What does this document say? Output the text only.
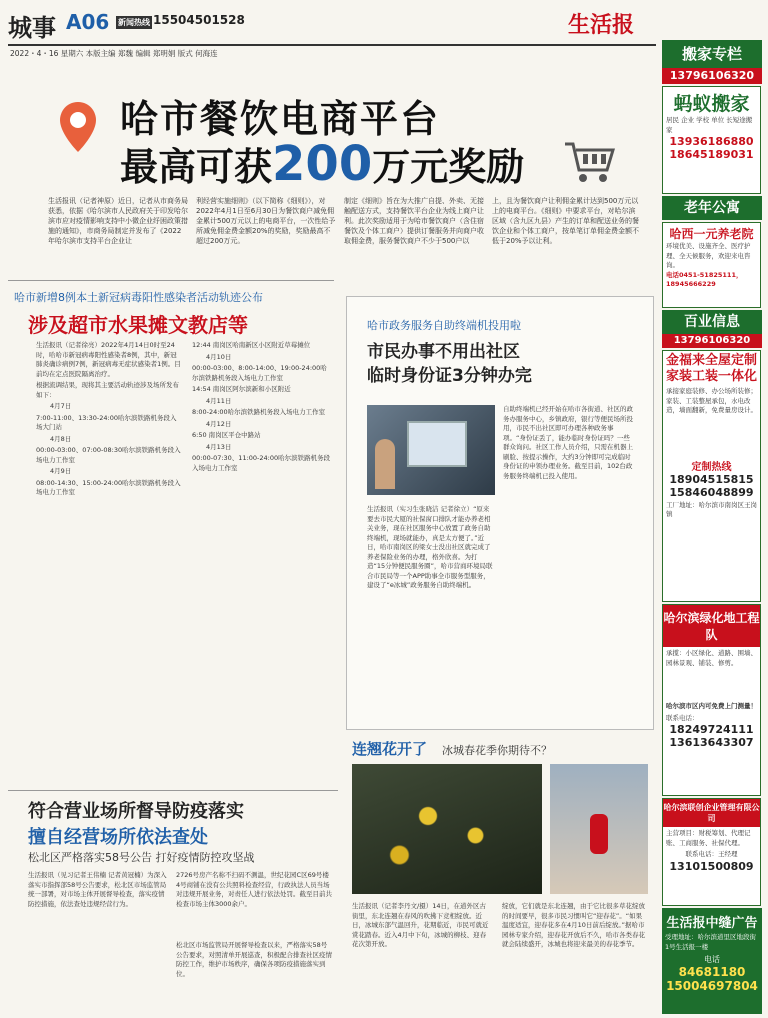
城事 A06 新闻热线 15504501528	生活报
2022・4・16 星期六 本版主编 郑魏 编辑 郑明娟 版式 何海连
哈市餐饮电商平台
最高可获200万元奖励

生活报讯（记者神原）近日，记者从市商务局获悉，依据《哈尔滨市人民政府关于印发哈尔滨市应对疫情影响支持中小微企业纾困政策措施的通知》，市商务局制定并发布了《2022年哈尔滨市支持平台企业让

利经营实施细则》（以下简称《细则》），对2022年4月1日至6月30日为餐饮商户减免佣金累计500万元以上的电商平台，一次性给予所减免佣金费金额20%的奖励，奖励最高不超过200万元。

制定《细则》旨在为大推广自提、外卖、无接触配送方式，支持餐饮平台企业为线上商户让利。此次奖励适用于为哈市餐饮商户（含住宿餐饮及个体工商户）提供订餐服务并向商户收取佣金费，服务餐饮商户不少于500户以

上，且为餐饮商户让利佣金累计达到500万元以上的电商平台。《细则》中要求平台，对哈尔滨区域（含九区九县）产生的订单和配送业务的餐饮企业和个体工商户，按单笔订单佣金费金额不低于20%予以让利。

哈市新增8例本土新冠病毒阳性感染者活动轨迹公布
涉及超市水果摊文教店等

生活报讯（记者徐亮）2022年4月14日0时至24时，哈哈市新冠病毒阳性感染者8例，其中，新冠肺炎确诊病例7例，新冠病毒无症状感染者1例。目前均在定点医院隔离治疗。

根据流调结果，现将其主要活动轨迹涉及场所发布如下：

4月7日

7:00-11:00、13:30-24:00哈尔滨铁路机务段入场大门站

4月8日

00:00-03:00、07:00-08:30哈尔滨铁路机务段入场电力工作室

4月9日

08:00-14:30、15:00-24:00哈尔滨铁路机务段入场电力工作室

12:44 南岗区哈南新区小区附近草莓摊位

4月10日

00:00-03:00、8:00-14:00、19:00-24:00哈尔滨铁路机务段入场电力工作室

14:54 南岗区阿尔滨新和小区附近

4月11日

8:00-24:00哈尔滨铁路机务段入场电力工作室

4月12日

6:50 南岗区平仓中路站

4月13日

00:00-07:30、11:00-24:00哈尔滨铁路机务段入场电力工作室

哈市政务服务自助终端机投用啦
市民办事不用出社区
临时身份证3分钟办完

生活报讯（实习生张晓洁 记者徐立）“原来要去市民大厦的社保窗口排队才能办养老相关业务，现在社区服务中心放置了政务自助终端机，现场就能办，真是太方便了。”近日，哈市南岗区的梁女士没出社区就完成了养老保险业务的办理，格外欣喜。为打造“15分钟便民服务圈”，哈市营商环境局联合市民局等一个APP助事全市服务型服务，建设了“e冰城”政务服务自助终端机。

自助终端机已经开始在哈市各街道、社区的政务办服务中心，乡镇政府，银行等便民场所投用，市民不出社区即可办理各种政务事项。“身份证丢了，能办临时身份证吗？一些群众询问。社区工作人员介绍，只需在机器上刷脸、按提示操作，大约3分钟即可完成临时身份证的申领办理业务。截至目前，102台政务服务终端机已投入使用。

连翘花开了 冰城春花季你期待不？

生活报讯（记者李丹文/摄）14日，在道外区古街里，东北连翘在春风的吹拂下竞相绽放。近日，冰城东部气温回升，花期临近，市民可就近赏花踏春。近入4月中下旬，冰城的柳枝、迎春花次第开放。

绽放，它们就是东北连翘，由于它比很多草花绽放的时间要早，很多市民习惯叫它“迎春花”。“如果温度适宜，迎春花多在4月10日前后绽放。”据哈市园林专家介绍，迎春花开放后不久，哈市各类春花就会陆续盛开，冰城也将迎来最美的春花季节。

符合营业场所督导防疫落实
擅自经营场所依法查处
松北区严格落实58号公告 打好疫情防控攻坚战

生活报讯（见习记者王伟楠 记者黄冠楠）为深入落实市指挥部58号公告要求，松北区市场监管局统一部署，对市场主体开展督导检查，落实疫情防控措施，依法查处违规经营行为。

2726号房产名称不扫码不测温，世纪花园C区69号楼4号商铺在没有公共照料检查经营，行政执法人员当场对违规开展业务，对责任人进行依法处罚。截至目前共检查市场主体3000余户。

松北区市场监管局开展督导检查以来，严格落实58号公告要求，对照清单开展巡查，积极配合排查社区疫情防控工作，维护市场秩序，确保各项防疫措施落实到位。

搬家专栏
13796106320
蚂蚁搬家
居民 企业 学校 单位 长短途搬家
13936186880
18645189031
老年公寓
哈西一元养老院
环境优美、设施齐全、医疗护理、全天候服务，欢迎来电咨询。
电话0451-51825111，18945666229
百业信息
13796106320
金福来全屋定制家装工装一体化
承接家庭装修、办公场所装修；家装、工装整屋承包，水电改造，墙面翻新，免费量房设计。
定制热线
18904515815
15846048899
工厂地址：哈尔滨市南岗区王岗镇
哈尔滨绿化地工程队
承揽：小区绿化、道路、围墙、园林景观、铺装、修剪。
哈尔滨市区内可免费上门测量！
联系电话：
18249724111
13613643307
哈尔滨联创企业管理有限公司
主营项目：财税筹划、代理记账、工商服务、社保代理。
联系电话：王经理
13101500809
生活报中缝广告
受理地址：哈尔滨道里区地段街1号生活报一楼
电话
84681180
15004697804
